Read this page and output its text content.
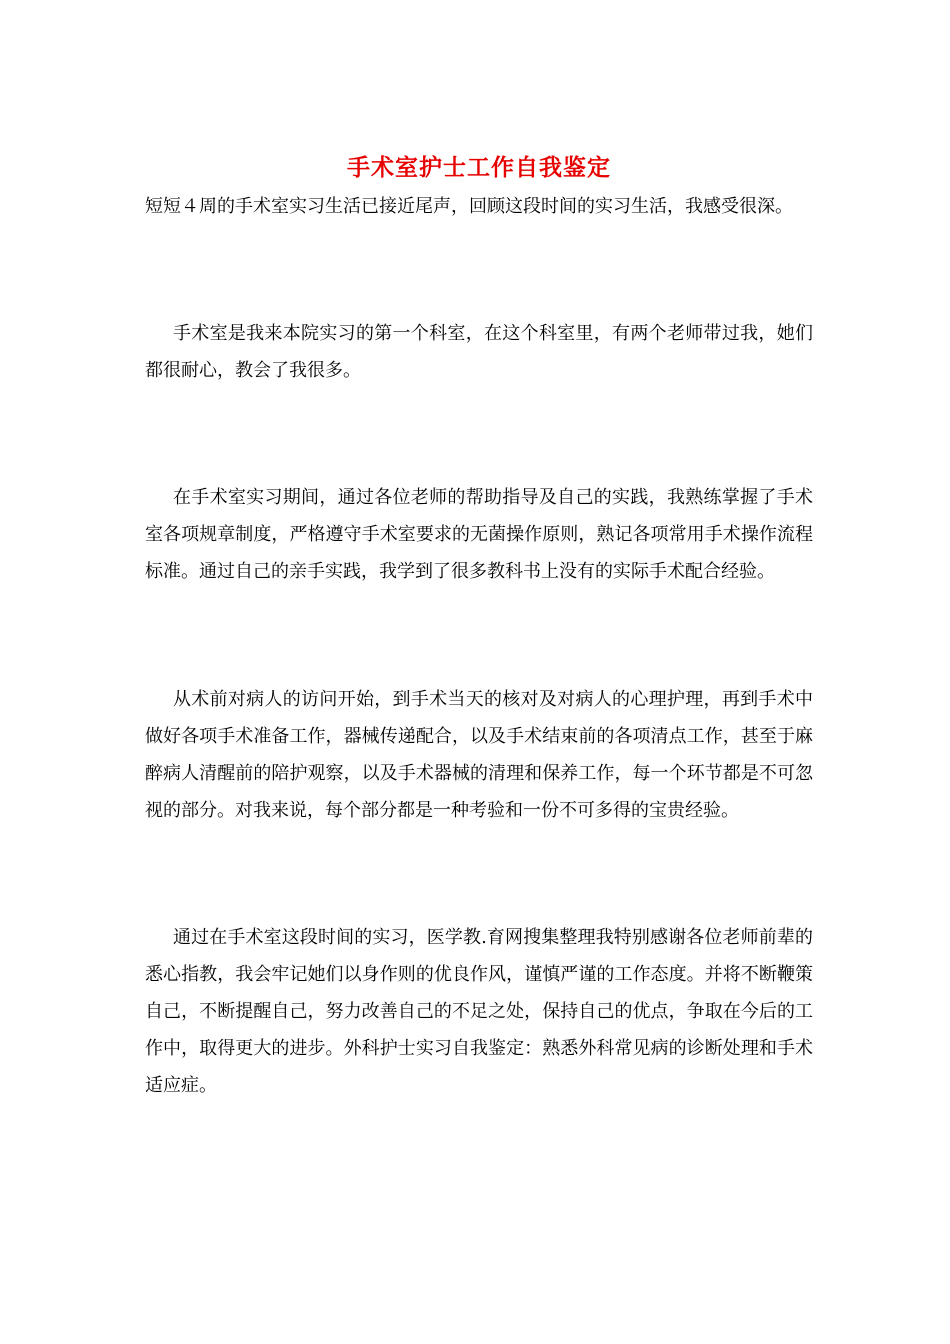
手术室护士工作自我鉴定

短短４周的手术室实习生活已接近尾声，回顾这段时间的实习生活，我感受很深。

手术室是我来本院实习的第一个科室，在这个科室里，有两个老师带过我，她们都很耐心，教会了我很多。

在手术室实习期间，通过各位老师的帮助指导及自己的实践，我熟练掌握了手术室各项规章制度，严格遵守手术室要求的无菌操作原则，熟记各项常用手术操作流程标准。通过自己的亲手实践，我学到了很多教科书上没有的实际手术配合经验。

从术前对病人的访问开始，到手术当天的核对及对病人的心理护理，再到手术中做好各项手术准备工作，器械传递配合，以及手术结束前的各项清点工作，甚至于麻醉病人清醒前的陪护观察，以及手术器械的清理和保养工作，每一个环节都是不可忽视的部分。对我来说，每个部分都是一种考验和一份不可多得的宝贵经验。

通过在手术室这段时间的实习，医学教.育网搜集整理我特别感谢各位老师前辈的悉心指教，我会牢记她们以身作则的优良作风，谨慎严谨的工作态度。并将不断鞭策自己，不断提醒自己，努力改善自己的不足之处，保持自己的优点，争取在今后的工作中，取得更大的进步。外科护士实习自我鉴定：熟悉外科常见病的诊断处理和手术适应症。
